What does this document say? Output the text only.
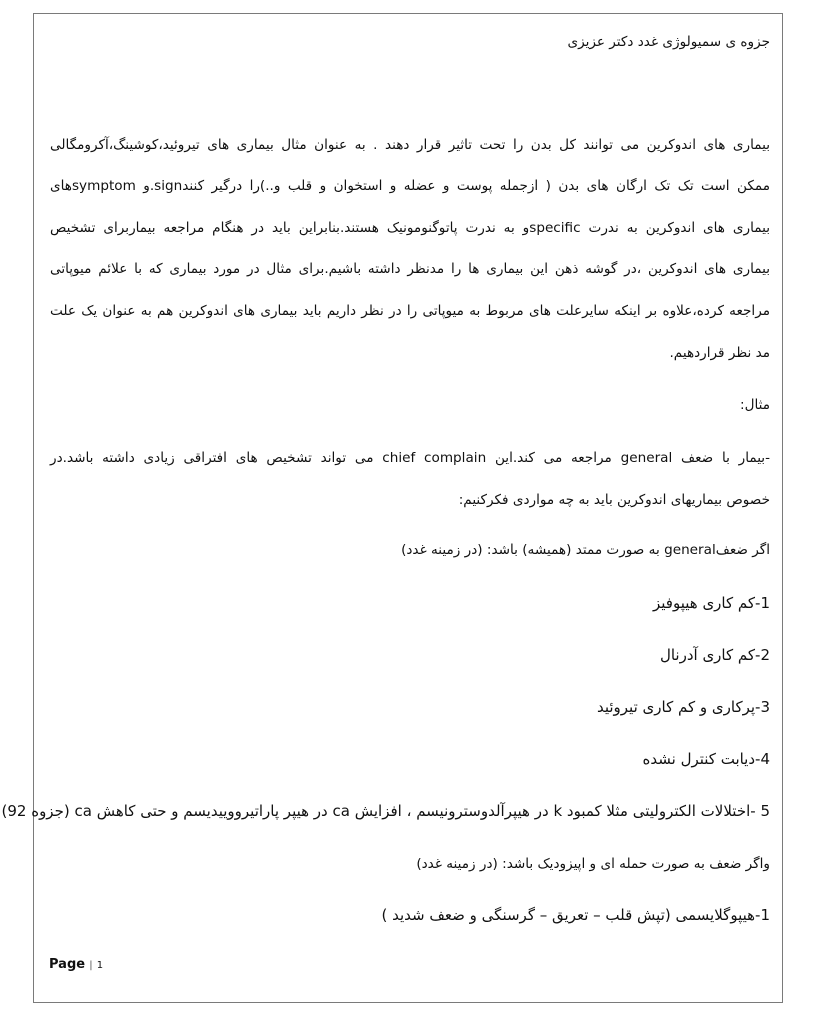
جزوه ی سمیولوژی غدد دکتر عزیزی
بیماری های اندوکرین می توانند کل بدن را تحت تاثیر قرار دهند . به عنوان مثال بیماری های تیروئید،کوشینگ،آکرومگالی
ممکن است تک تک ارگان های بدن ( ازجمله پوست و عضله و استخوان و قلب و..)را درگیر کنندsign.و symptomهای
بیماری های اندوکرین به ندرت specificو به ندرت پاتوگنومونیک هستند.بنابراین باید در هنگام مراجعه بیماربرای تشخیص
بیماری های اندوکرین ،در گوشه ذهن این بیماری ها را مدنظر داشته باشیم.برای مثال در مورد بیماری که با علائم میوپاتی
مراجعه کرده،علاوه بر اینکه سایرعلت های مربوط به میوپاتی را در نظر داریم باید بیماری های اندوکرین هم به عنوان یک علت
مد نظر قراردهیم.
مثال:
-بیمار با ضعف general مراجعه می کند.این chief complain می تواند تشخیص های افتراقی زیادی داشته باشد.در
خصوص بیماریهای اندوکرین باید به چه مواردی فکرکنیم:
اگر ضعفgeneral به صورت ممتد (همیشه) باشد: (در زمینه غدد)
1-کم کاری هیپوفیز
2-کم کاری آدرنال
3-پرکاری و کم کاری تیروئید
4-دیابت کنترل نشده
5 -اختلالات الکترولیتی مثلا کمبود k در هیپرآلدوسترونیسم ، افزایش ca در هیپر پاراتیرووییدیسم و حتی کاهش ca (جزوه 92)
واگر ضعف به صورت حمله ای و اپیزودیک باشد: (در زمینه غدد)
1-هیپوگلایسمی (تپش قلب – تعریق – گرسنگی و ضعف شدید )
Page | 1
